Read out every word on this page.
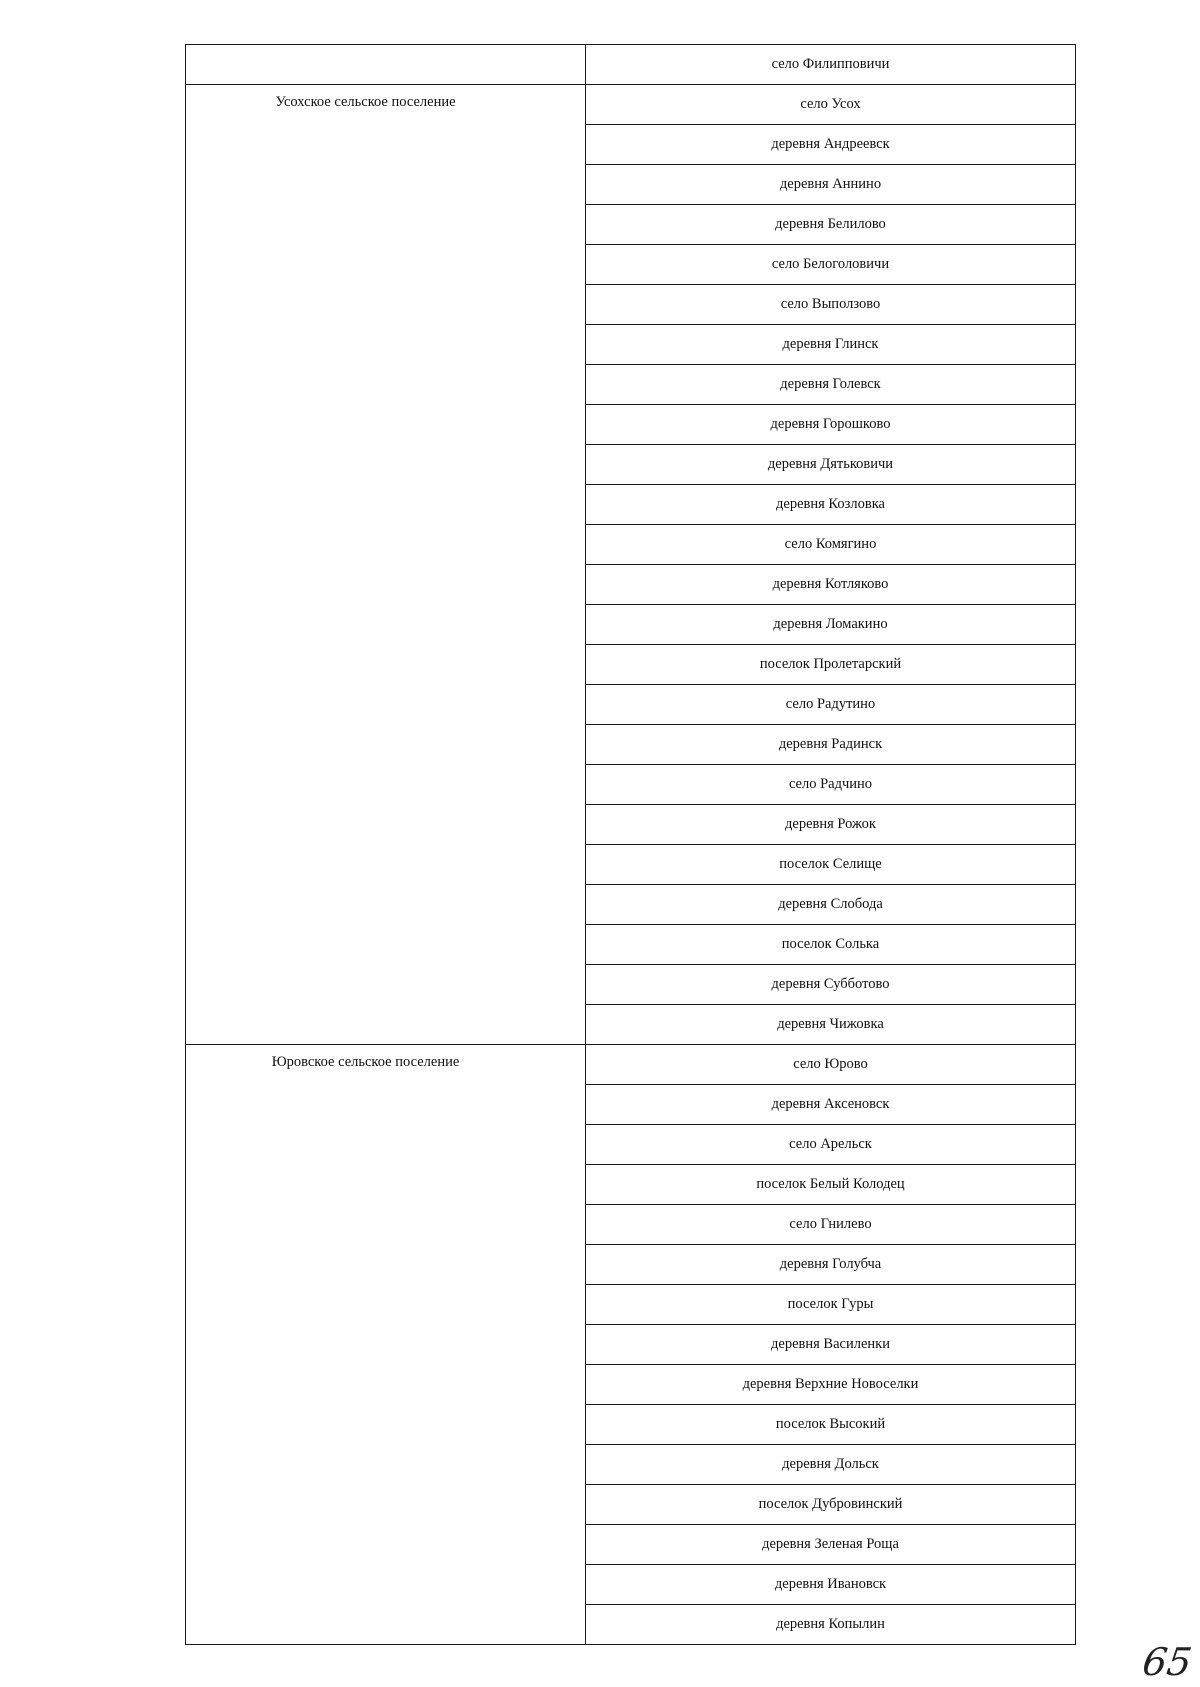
	село Филипповичи
Усохское сельское поселение	село Усох
	деревня Андреевск
	деревня Аннино
	деревня Белилово
	село Белоголовичи
	село Выползово
	деревня Глинск
	деревня Голевск
	деревня Горошково
	деревня Дятьковичи
	деревня Козловка
	село Комягино
	деревня Котляково
	деревня Ломакино
	поселок Пролетарский
	село Радутино
	деревня Радинск
	село Радчино
	деревня Рожок
	поселок Селище
	деревня Слобода
	поселок Солька
	деревня Субботово
	деревня Чижовка
Юровское сельское поселение	село Юрово
	деревня Аксеновск
	село Арельск
	поселок Белый Колодец
	село Гнилево
	деревня Голубча
	поселок Гуры
	деревня Василенки
	деревня Верхние Новоселки
	поселок Высокий
	деревня Дольск
	поселок Дубровинский
	деревня Зеленая Роща
	деревня Ивановск
	деревня Копылин
65
